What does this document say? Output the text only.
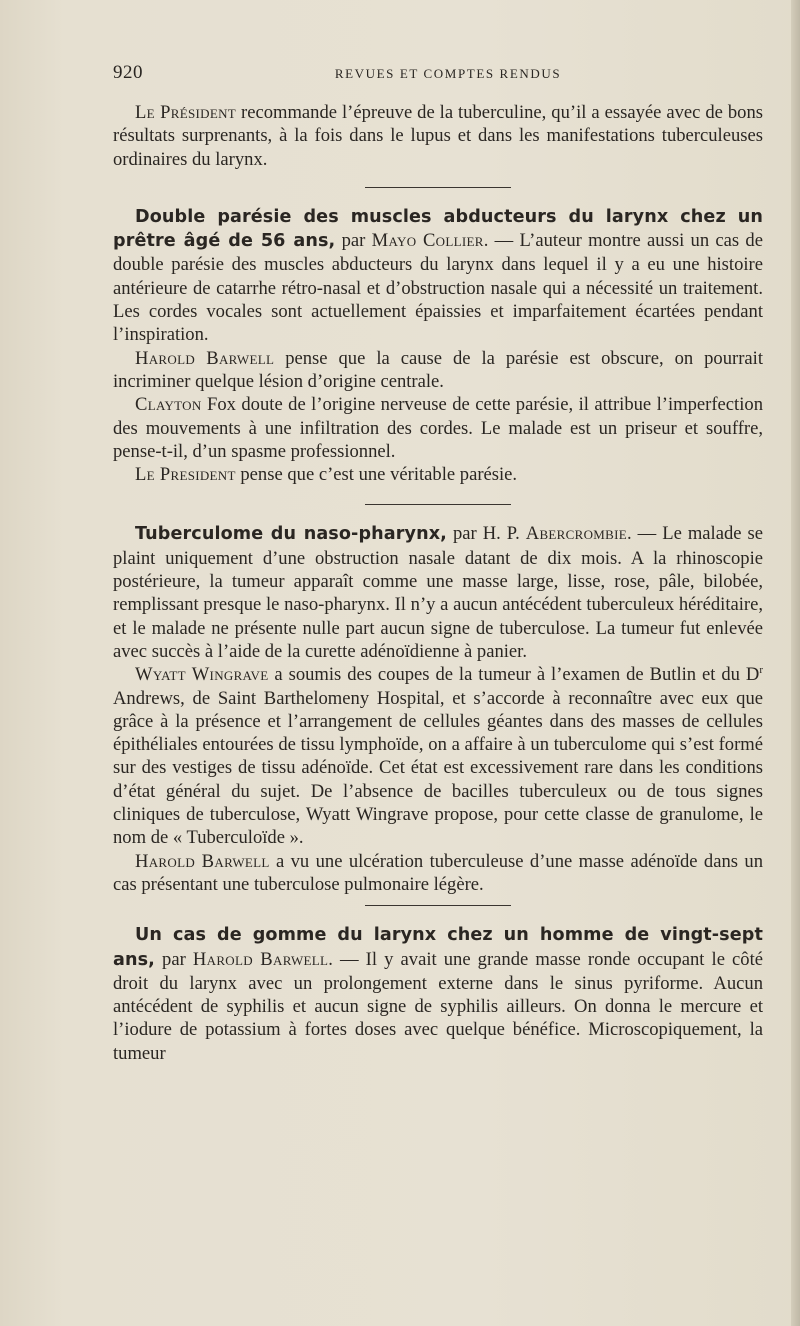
920	REVUES ET COMPTES RENDUS

Le Président recommande l’épreuve de la tuberculine, qu’il a essayée avec de bons résultats surprenants, à la fois dans le lupus et dans les manifestations tuberculeuses ordinaires du larynx.

Double parésie des muscles abducteurs du larynx chez un prêtre âgé de 56 ans, par Mayo Collier. — L’auteur montre aussi un cas de double parésie des muscles abducteurs du larynx dans lequel il y a eu une histoire antérieure de catarrhe rétro-nasal et d’obstruction nasale qui a nécessité un traitement. Les cordes vocales sont actuellement épaissies et imparfaitement écartées pendant l’inspiration.

Harold Barwell pense que la cause de la parésie est obscure, on pourrait incriminer quelque lésion d’origine centrale.

Clayton Fox doute de l’origine nerveuse de cette parésie, il attribue l’imperfection des mouvements à une infiltration des cordes. Le malade est un priseur et souffre, pense-t-il, d’un spasme professionnel.

Le President pense que c’est une véritable parésie.

Tuberculome du naso-pharynx, par H. P. Abercrombie. — Le malade se plaint uniquement d’une obstruction nasale datant de dix mois. A la rhinoscopie postérieure, la tumeur apparaît comme une masse large, lisse, rose, pâle, bilobée, remplissant presque le naso-pharynx. Il n’y a aucun antécédent tuberculeux héréditaire, et le malade ne présente nulle part aucun signe de tuberculose. La tumeur fut enlevée avec succès à l’aide de la curette adénoïdienne à panier.

Wyatt Wingrave a soumis des coupes de la tumeur à l’examen de Butlin et du $D^r$ Andrews, de Saint Barthelomeny Hospital, et s’accorde à reconnaître avec eux que grâce à la présence et l’arrangement de cellules géantes dans des masses de cellules épithéliales entourées de tissu lymphoïde, on a affaire à un tuberculome qui s’est formé sur des vestiges de tissu adénoïde. Cet état est excessivement rare dans les conditions d’état général du sujet. De l’absence de bacilles tuberculeux ou de tous signes cliniques de tuberculose, Wyatt Wingrave propose, pour cette classe de granulome, le nom de « Tuberculoïde ».

Harold Barwell a vu une ulcération tuberculeuse d’une masse adénoïde dans un cas présentant une tuberculose pulmonaire légère.

Un cas de gomme du larynx chez un homme de vingt-sept ans, par Harold Barwell. — Il y avait une grande masse ronde occupant le côté droit du larynx avec un prolongement externe dans le sinus pyriforme. Aucun antécédent de syphilis et aucun signe de syphilis ailleurs. On donna le mercure et l’iodure de potassium à fortes doses avec quelque bénéfice. Microscopiquement, la tumeur
